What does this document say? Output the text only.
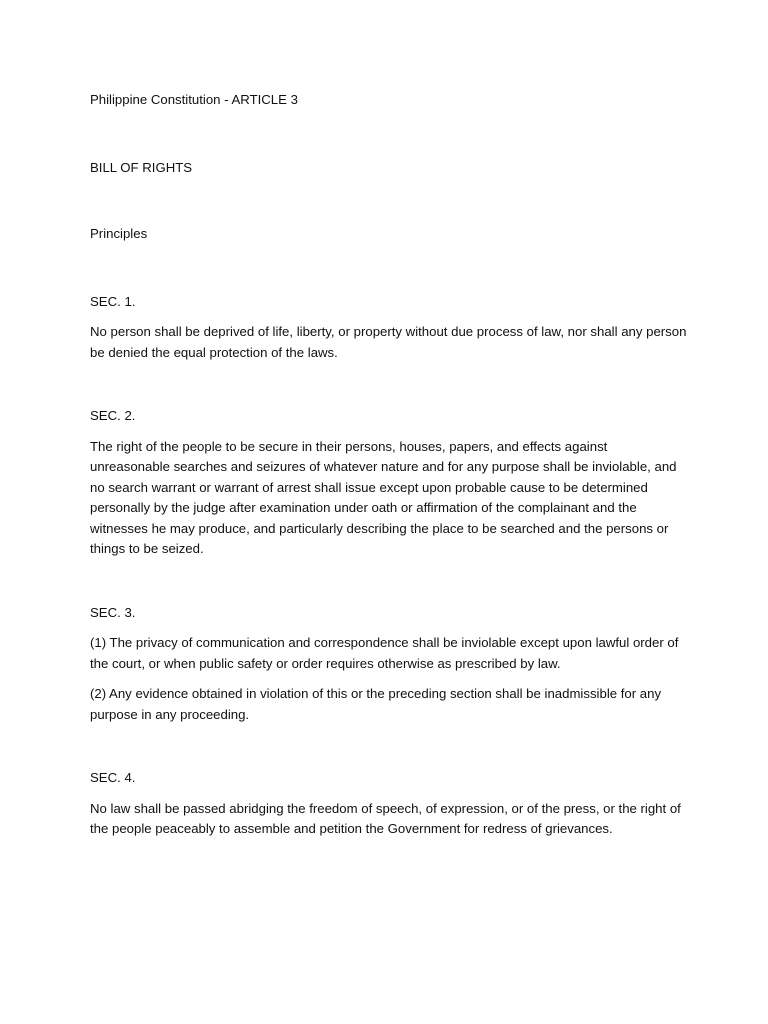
Philippine Constitution - ARTICLE 3
BILL OF RIGHTS
Principles
SEC. 1.
No person shall be deprived of life, liberty, or property without due process of law, nor shall any person be denied the equal protection of the laws.
SEC. 2.
The right of the people to be secure in their persons, houses, papers, and effects against unreasonable searches and seizures of whatever nature and for any purpose shall be inviolable, and no search warrant or warrant of arrest shall issue except upon probable cause to be determined personally by the judge after examination under oath or affirmation of the complainant and the witnesses he may produce, and particularly describing the place to be searched and the persons or things to be seized.
SEC. 3.
(1) The privacy of communication and correspondence shall be inviolable except upon lawful order of the court, or when public safety or order requires otherwise as prescribed by law.
(2) Any evidence obtained in violation of this or the preceding section shall be inadmissible for any purpose in any proceeding.
SEC. 4.
No law shall be passed abridging the freedom of speech, of expression, or of the press, or the right of the people peaceably to assemble and petition the Government for redress of grievances.
